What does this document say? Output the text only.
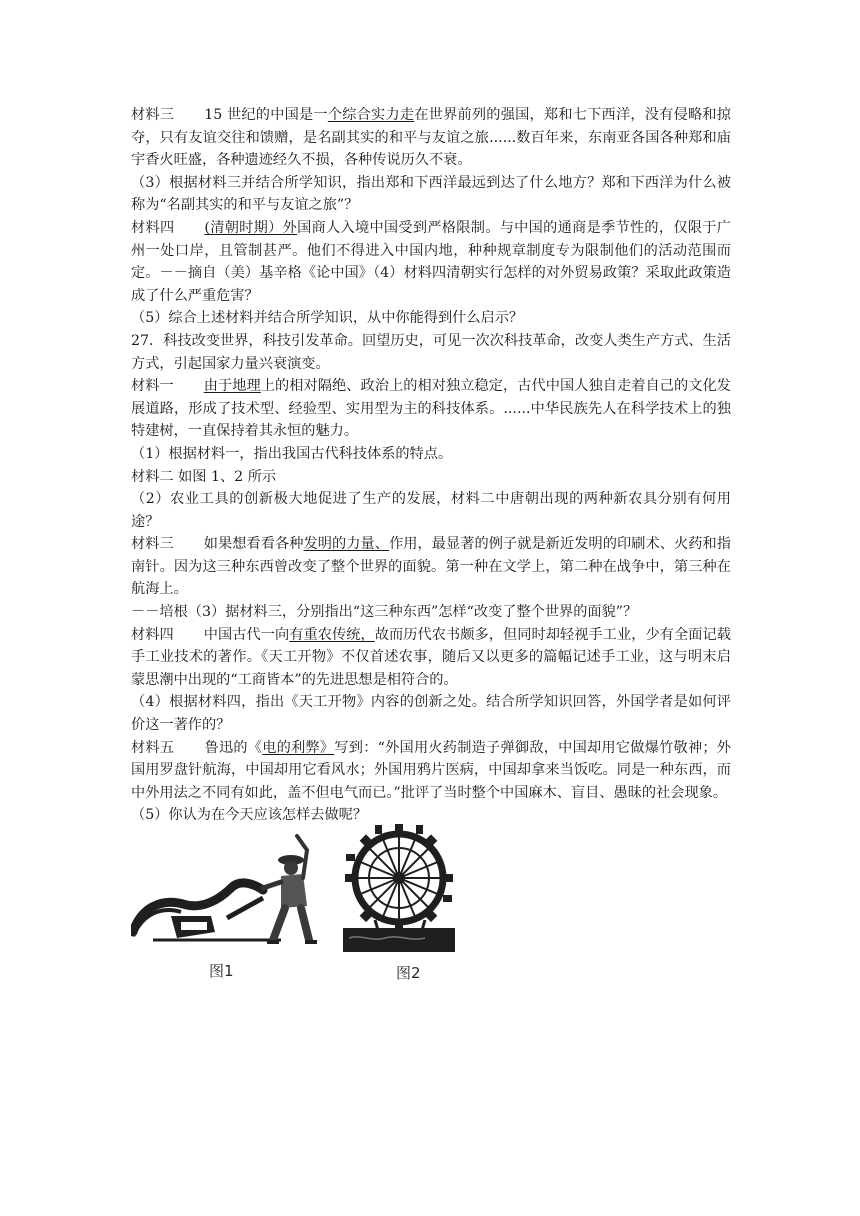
材料三 15 世纪的中国是一个综合实力走在世界前列的强国，郑和七下西洋，没有侵略和掠夺，只有友谊交往和馈赠，是名副其实的和平与友谊之旅......数百年来，东南亚各国各种郑和庙宇香火旺盛，各种遗迹经久不损，各种传说历久不衰。

（3）根据材料三并结合所学知识，指出郑和下西洋最远到达了什么地方？郑和下西洋为什么被称为“名副其实的和平与友谊之旅”？

材料四 (清朝时期）外国商人入境中国受到严格限制。与中国的通商是季节性的，仅限于广州一处口岸，且管制甚严。他们不得进入中国内地，种种规章制度专为限制他们的活动范围而定。－－摘自（美）基辛格《论中国》（4）材料四清朝实行怎样的对外贸易政策？采取此政策造成了什么严重危害？

（5）综合上述材料并结合所学知识，从中你能得到什么启示？

27．科技改变世界，科技引发革命。回望历史，可见一次次科技革命，改变人类生产方式、生活方式，引起国家力量兴衰演变。

材料一 由于地理上的相对隔绝、政治上的相对独立稳定，古代中国人独自走着自己的文化发展道路，形成了技术型、经验型、实用型为主的科技体系。......中华民族先人在科学技术上的独特建树，一直保持着其永恒的魅力。

（1）根据材料一，指出我国古代科技体系的特点。

材料二 如图 1、2 所示

（2）农业工具的创新极大地促进了生产的发展，材料二中唐朝出现的两种新农具分别有何用途？

材料三 如果想看看各种发明的力量、作用，最显著的例子就是新近发明的印刷术、火药和指南针。因为这三种东西曾改变了整个世界的面貌。第一种在文学上，第二种在战争中，第三种在航海上。

－－培根（3）据材料三，分别指出“这三种东西”怎样“改变了整个世界的面貌”？

材料四 中国古代一向有重农传统，故而历代农书颇多，但同时却轻视手工业，少有全面记载手工业技术的著作。《天工开物》不仅首述农事，随后又以更多的篇幅记述手工业，这与明末启蒙思潮中出现的“工商皆本”的先进思想是相符合的。

（4）根据材料四，指出《天工开物》内容的创新之处。结合所学知识回答，外国学者是如何评价这一著作的？

材料五 鲁迅的《电的利弊》写到：“外国用火药制造子弹御敌，中国却用它做爆竹敬神；外国用罗盘针航海，中国却用它看风水；外国用鸦片医病，中国却拿来当饭吃。同是一种东西，而中外用法之不同有如此，盖不但电气而已。”批评了当时整个中国麻木、盲目、愚昧的社会现象。

（5）你认为在今天应该怎样去做呢？

图1	图2
